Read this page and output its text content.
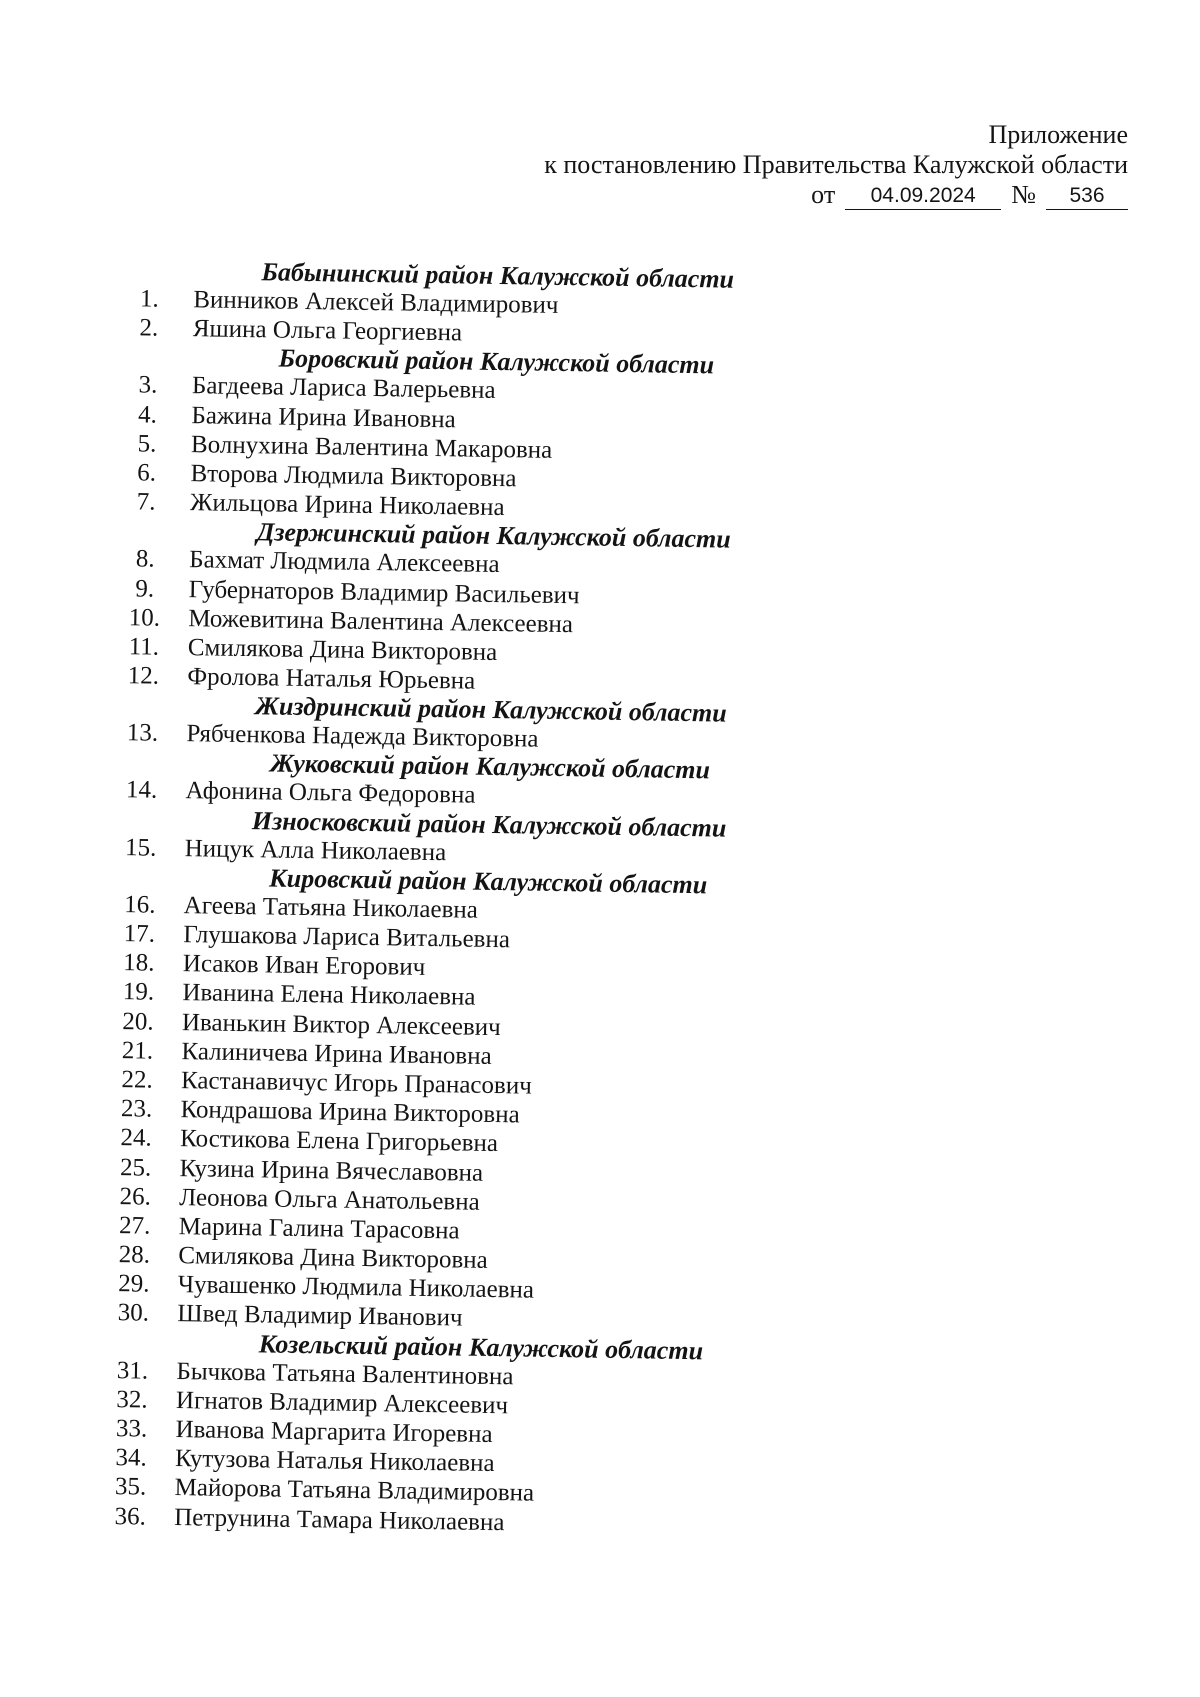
Приложение
к постановлению Правительства Калужской области
от	04.09.2024	№	536
Бабынинский район Калужской области
1.	Винников Алексей Владимирович
2.	Яшина Ольга Георгиевна
Боровский район Калужской области
3.	Багдеева Лариса Валерьевна
4.	Бажина Ирина Ивановна
5.	Волнухина Валентина Макаровна
6.	Второва Людмила Викторовна
7.	Жильцова Ирина Николаевна
Дзержинский район Калужской области
8.	Бахмат Людмила Алексеевна
9.	Губернаторов Владимир Васильевич
10.	Можевитина Валентина Алексеевна
11.	Смилякова Дина Викторовна
12.	Фролова Наталья Юрьевна
Жиздринский район Калужской области
13.	Рябченкова Надежда Викторовна
Жуковский район Калужской области
14.	Афонина Ольга Федоровна
Износковский район Калужской области
15.	Ницук Алла Николаевна
Кировский район Калужской области
16.	Агеева Татьяна Николаевна
17.	Глушакова Лариса Витальевна
18.	Исаков Иван Егорович
19.	Иванина Елена Николаевна
20.	Иванькин Виктор Алексеевич
21.	Калиничева Ирина Ивановна
22.	Кастанавичус Игорь Пранасович
23.	Кондрашова Ирина Викторовна
24.	Костикова Елена Григорьевна
25.	Кузина Ирина Вячеславовна
26.	Леонова Ольга Анатольевна
27.	Марина Галина Тарасовна
28.	Смилякова Дина Викторовна
29.	Чувашенко Людмила Николаевна
30.	Швед Владимир Иванович
Козельский район Калужской области
31.	Бычкова Татьяна Валентиновна
32.	Игнатов Владимир Алексеевич
33.	Иванова Маргарита Игоревна
34.	Кутузова Наталья Николаевна
35.	Майорова Татьяна Владимировна
36.	Петрунина Тамара Николаевна
